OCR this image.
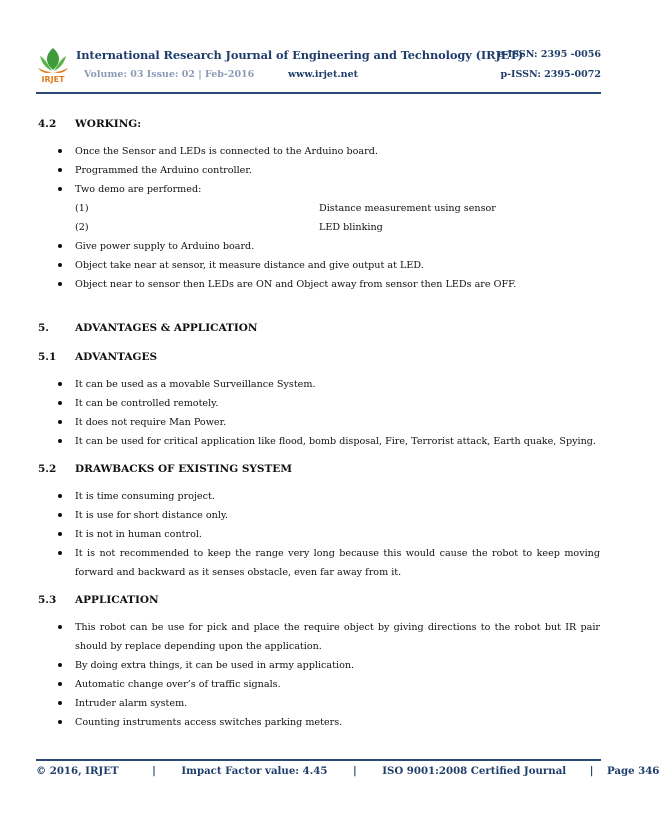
IRJET
International Research Journal of Engineering and Technology (IRJET)
e-ISSN: 2395 -0056
Volume: 03 Issue: 02 | Feb-2016	www.irjet.net	p-ISSN: 2395-0072
4.2	WORKING:
Once the Sensor and LEDs is connected to the Arduino board.
Programmed the Arduino controller.
Two demo are performed:
(1)	Distance measurement using sensor
(2)	LED blinking
Give power supply to Arduino board.
Object take near at sensor, it measure distance and give output at LED.
Object near to sensor then LEDs are ON and Object away from sensor then LEDs are OFF.
5.	ADVANTAGES & APPLICATION
5.1	ADVANTAGES
It can be used as a movable Surveillance System.
It can be controlled remotely.
It does not require Man Power.
It can be used for critical application like flood, bomb disposal, Fire, Terrorist attack, Earth quake, Spying.
5.2	DRAWBACKS OF EXISTING SYSTEM
It is time consuming project.
It is use for short distance only.
It is not in human control.
It is not recommended to keep the range very long because this would cause the robot to keep moving forward and backward as it senses obstacle, even far away from it.
5.3	APPLICATION
This robot can be use for pick and place the require object by giving directions to the robot but IR pair should by replace depending upon the application.
By doing extra things, it can be used in army application.
Automatic change over’s of traffic signals.
Intruder alarm system.
Counting instruments access switches parking meters.
© 2016, IRJET	|	Impact Factor value: 4.45	|	ISO 9001:2008 Certified Journal | Page 346
